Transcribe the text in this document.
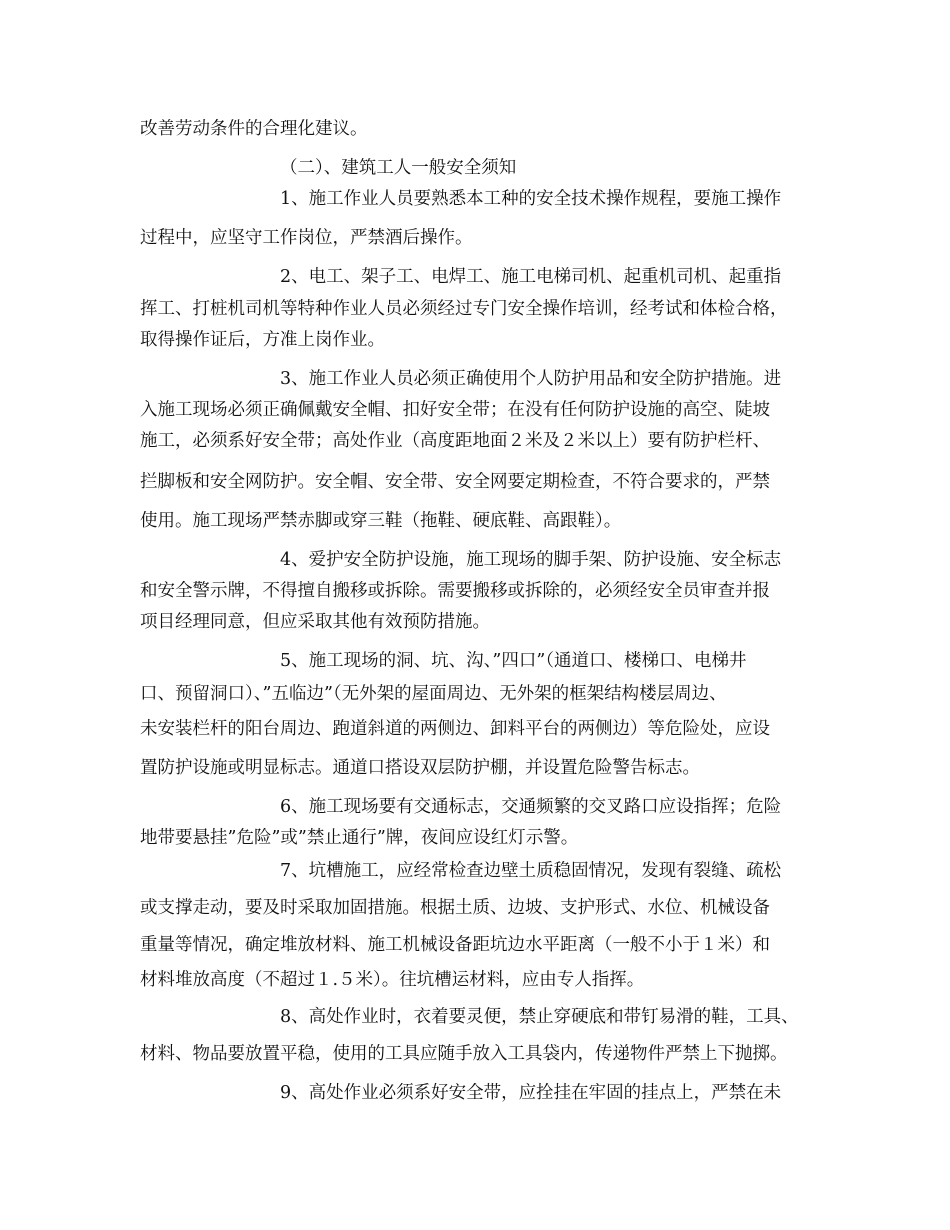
改善劳动条件的合理化建议。
（二）、建筑工人一般安全须知
1、施工作业人员要熟悉本工种的安全技术操作规程，要施工操作
过程中，应坚守工作岗位，严禁酒后操作。
2、电工、架子工、电焊工、施工电梯司机、起重机司机、起重指
挥工、打桩机司机等特种作业人员必须经过专门安全操作培训，经考试和体检合格，
取得操作证后，方准上岗作业。
3、施工作业人员必须正确使用个人防护用品和安全防护措施。进
入施工现场必须正确佩戴安全帽、扣好安全带；在没有任何防护设施的高空、陡坡
施工，必须系好安全带；高处作业（高度距地面２米及２米以上）要有防护栏杆、
拦脚板和安全网防护。安全帽、安全带、安全网要定期检查，不符合要求的，严禁
使用。施工现场严禁赤脚或穿三鞋（拖鞋、硬底鞋、高跟鞋）。
4、爱护安全防护设施，施工现场的脚手架、防护设施、安全标志
和安全警示牌，不得擅自搬移或拆除。需要搬移或拆除的，必须经安全员审查并报
项目经理同意，但应采取其他有效预防措施。
5、施工现场的洞、坑、沟、”四口”（通道口、楼梯口、电梯井
口、预留洞口）、”五临边”（无外架的屋面周边、无外架的框架结构楼层周边、
未安装栏杆的阳台周边、跑道斜道的两侧边、卸料平台的两侧边）等危险处，应设
置防护设施或明显标志。通道口搭设双层防护棚，并设置危险警告标志。
6、施工现场要有交通标志，交通频繁的交叉路口应设指挥；危险
地带要悬挂”危险”或”禁止通行”牌，夜间应设红灯示警。
7、坑槽施工，应经常检查边壁土质稳固情况，发现有裂缝、疏松
或支撑走动，要及时采取加固措施。根据土质、边坡、支护形式、水位、机械设备
重量等情况，确定堆放材料、施工机械设备距坑边水平距离（一般不小于１米）和
材料堆放高度（不超过１.５米）。往坑槽运材料，应由专人指挥。
8、高处作业时，衣着要灵便，禁止穿硬底和带钉易滑的鞋，工具、
材料、物品要放置平稳，使用的工具应随手放入工具袋内，传递物件严禁上下抛掷。
9、高处作业必须系好安全带，应拴挂在牢固的挂点上，严禁在未
